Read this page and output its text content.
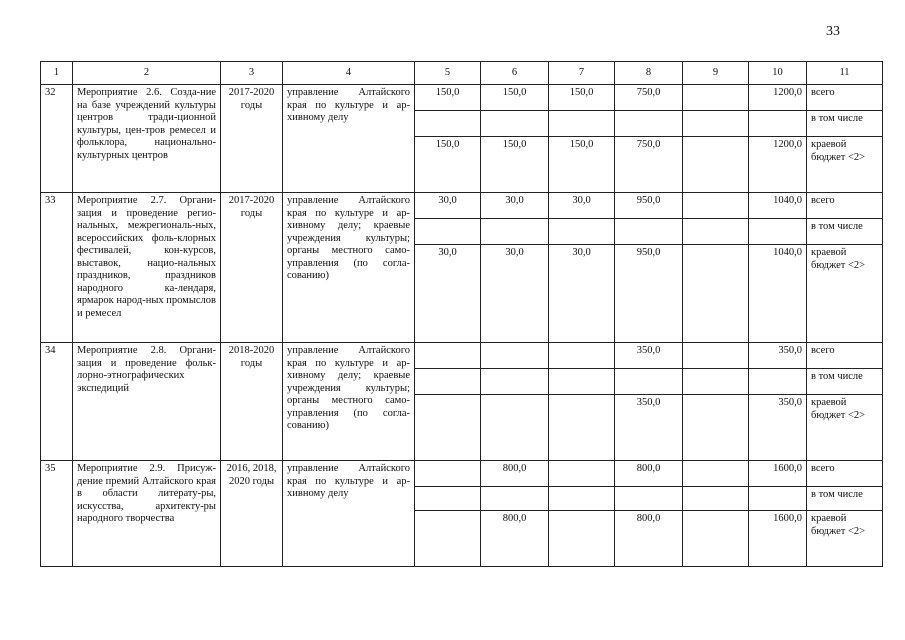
33
1	2	3	4	5	6	7	8	9	10	11
32	Мероприятие 2.6. Созда-ние на базе учреждений культуры центров тради-ционной культуры, цен-тров ремесел и фольклора, национально-культурных центров	2017-2020 годы	управление Алтайского края по культуре и ар-хивному делу	150,0	150,0	150,0	750,0		1200,0	всего
										в том числе
				150,0	150,0	150,0	750,0		1200,0	краевой бюджет <2>
33	Мероприятие 2.7. Органи-зация и проведение регио-нальных, межрегиональ-ных, всероссийских фоль-клорных фестивалей, кон-курсов, выставок, нацио-нальных праздников, праздников народного ка-лендаря, ярмарок народ-ных промыслов и ремесел	2017-2020 годы	управление Алтайского края по культуре и ар-хивному делу; краевые учреждения культуры; органы местного само-управления (по согла-сованию)	30,0	30,0	30,0	950,0		1040,0	всего
										в том числе
				30,0	30,0	30,0	950,0		1040,0	краевой бюджет <2>
34	Мероприятие 2.8. Органи-зация и проведение фольк-лорно-этнографических экспедиций	2018-2020 годы	управление Алтайского края по культуре и ар-хивному делу; краевые учреждения культуры; органы местного само-управления (по согла-сованию)				350,0		350,0	всего
										в том числе
							350,0		350,0	краевой бюджет <2>
35	Мероприятие 2.9. Присуж-дение премий Алтайского края в области литерату-ры, искусства, архитекту-ры народного творчества	2016, 2018, 2020 годы	управление Алтайского края по культуре и ар-хивному делу		800,0		800,0		1600,0	всего
										в том числе
					800,0		800,0		1600,0	краевой бюджет <2>
